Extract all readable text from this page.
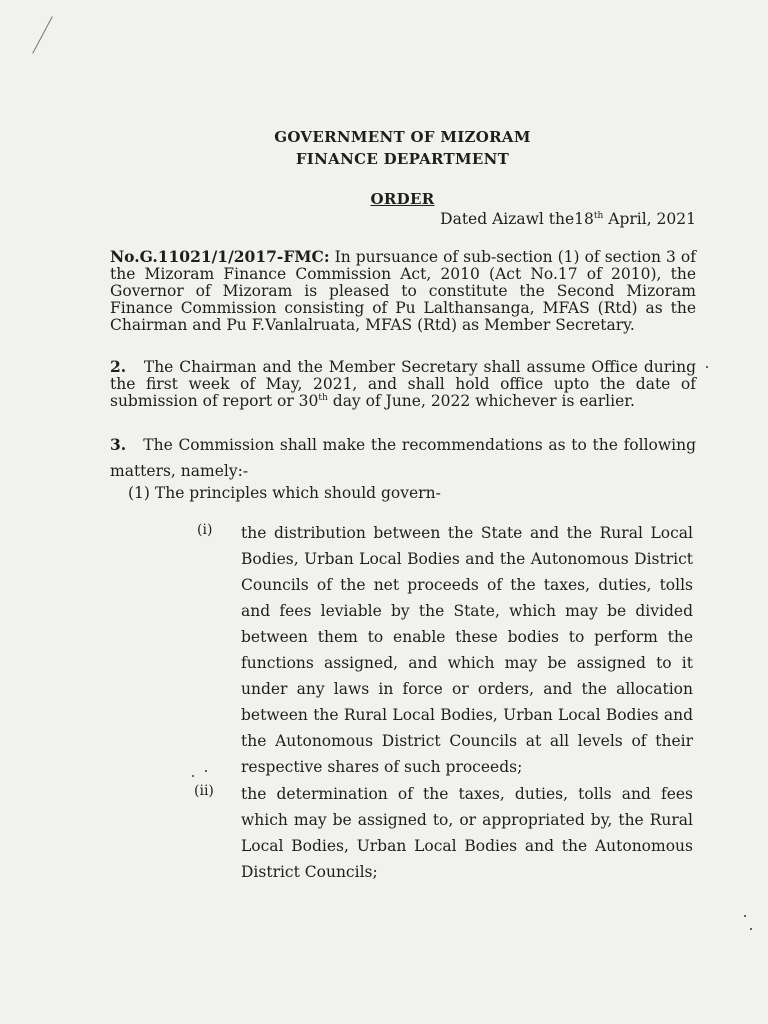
GOVERNMENT OF MIZORAM
FINANCE DEPARTMENT
ORDER
Dated Aizawl the18th April, 2021
No.G.11021/1/2017-FMC: In pursuance of sub-section (1) of section 3 of the Mizoram Finance Commission Act, 2010 (Act No.17 of 2010), the Governor of Mizoram is pleased to constitute the Second Mizoram Finance Commission consisting of Pu Lalthansanga, MFAS (Rtd) as the Chairman and Pu F.Vanlalruata, MFAS (Rtd) as Member Secretary.
2. The Chairman and the Member Secretary shall assume Office during the first week of May, 2021, and shall hold office upto the date of submission of report or 30th day of June, 2022 whichever is earlier.
3. The Commission shall make the recommendations as to the following matters, namely:-
(1) The principles which should govern-
(i) the distribution between the State and the Rural Local Bodies, Urban Local Bodies and the Autonomous District Councils of the net proceeds of the taxes, duties, tolls and fees leviable by the State, which may be divided between them to enable these bodies to perform the functions assigned, and which may be assigned to it under any laws in force or orders, and the allocation between the Rural Local Bodies, Urban Local Bodies and the Autonomous District Councils at all levels of their respective shares of such proceeds;
(ii) the determination of the taxes, duties, tolls and fees which may be assigned to, or appropriated by, the Rural Local Bodies, Urban Local Bodies and the Autonomous District Councils;
